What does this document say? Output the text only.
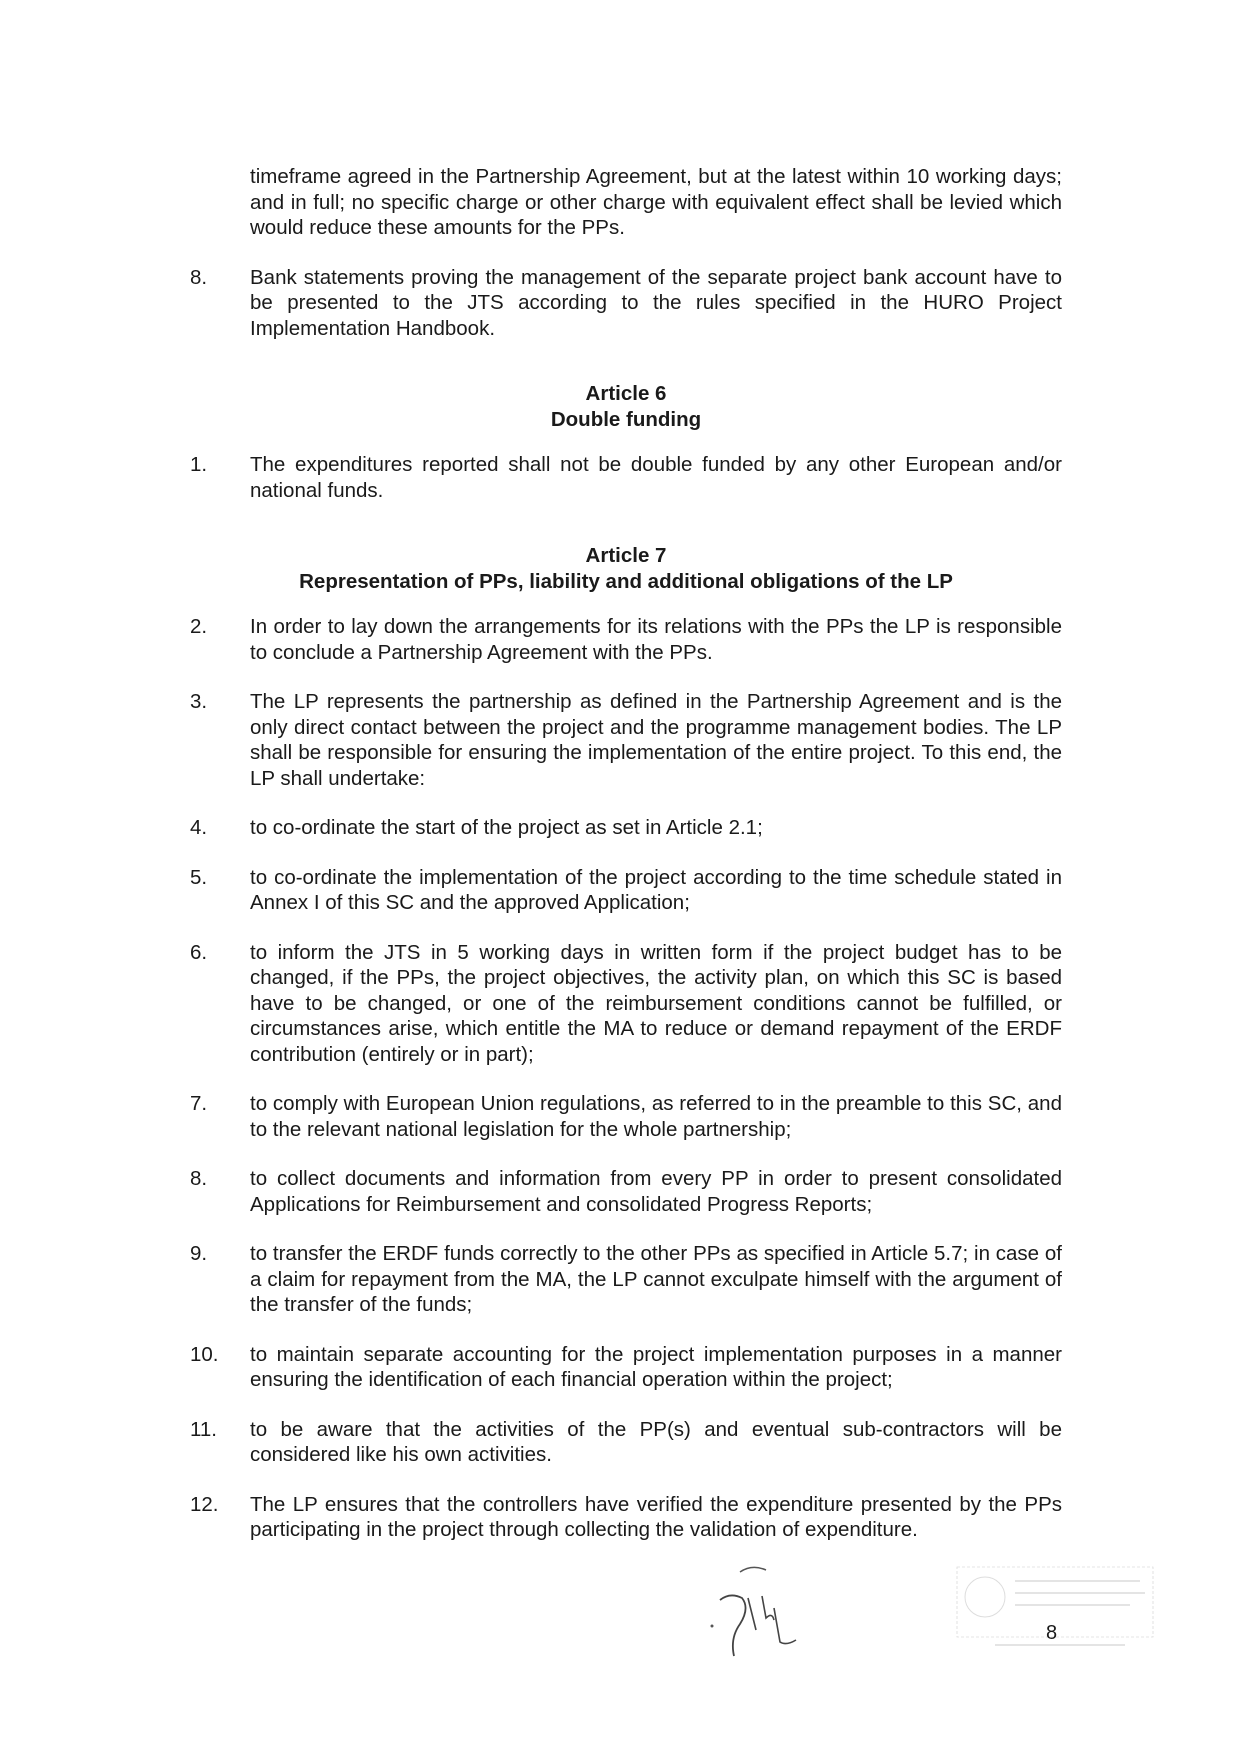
timeframe agreed in the Partnership Agreement, but at the latest within 10 working days; and in full; no specific charge or other charge with equivalent effect shall be levied which would reduce these amounts for the PPs.
8.	Bank statements proving the management of the separate project bank account have to be presented to the JTS according to the rules specified in the HURO Project Implementation Handbook.
Article 6
Double funding
1.	The expenditures reported shall not be double funded by any other European and/or national funds.
Article 7
Representation of PPs, liability and additional obligations of the LP
2.	In order to lay down the arrangements for its relations with the PPs the LP is responsible to conclude a Partnership Agreement with the PPs.
3.	The LP represents the partnership as defined in the Partnership Agreement and is the only direct contact between the project and the programme management bodies. The LP shall be responsible for ensuring the implementation of the entire project. To this end, the LP shall undertake:
4.	to co-ordinate the start of the project as set in Article 2.1;
5.	to co-ordinate the implementation of the project according to the time schedule stated in Annex I of this SC and the approved Application;
6.	to inform the JTS in 5 working days in written form if the project budget has to be changed, if the PPs, the project objectives, the activity plan, on which this SC is based have to be changed, or one of the reimbursement conditions cannot be fulfilled, or circumstances arise, which entitle the MA to reduce or demand repayment of the ERDF contribution (entirely or in part);
7.	to comply with European Union regulations, as referred to in the preamble to this SC, and to the relevant national legislation for the whole partnership;
8.	to collect documents and information from every PP in order to present consolidated Applications for Reimbursement and consolidated Progress Reports;
9.	to transfer the ERDF funds correctly to the other PPs as specified in Article 5.7; in case of a claim for repayment from the MA, the LP cannot exculpate himself with the argument of the transfer of the funds;
10.	to maintain separate accounting for the project implementation purposes in a manner ensuring the identification of each financial operation within the project;
11.	to be aware that the activities of the PP(s) and eventual sub-contractors will be considered like his own activities.
12.	The LP ensures that the controllers have verified the expenditure presented by the PPs participating in the project through collecting the validation of expenditure.
8
